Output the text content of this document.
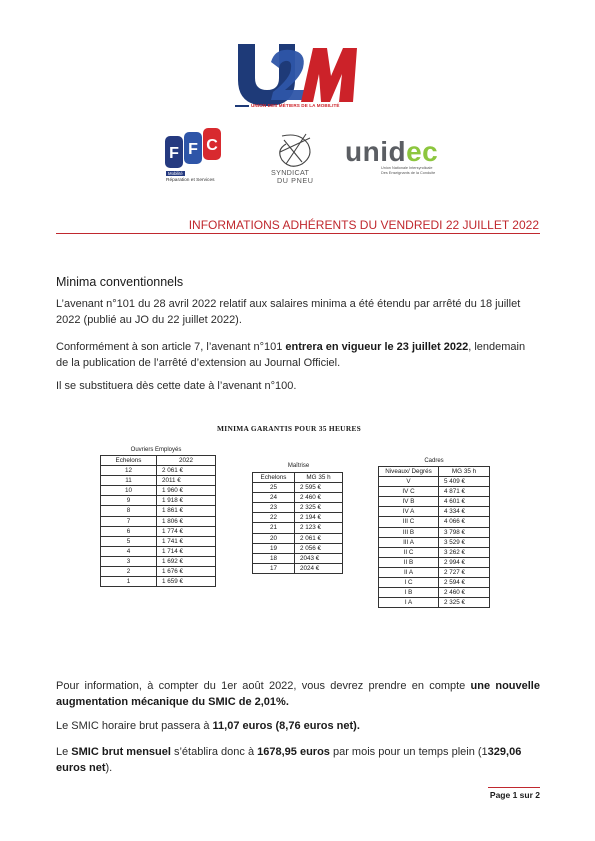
UNION DES MÉTIERS DE LA MOBILITÉ
F F C
Mobilité
Réparation et Services
SYNDICAT
DU PNEU
unidec
Union Nationale Intersyndicale
Des Enseignants de la Conduite
INFORMATIONS ADHÉRENTS DU VENDREDI 22 JUILLET 2022
Minima conventionnels
L’avenant n°101 du 28 avril 2022 relatif aux salaires minima a été étendu par arrêté du 18 juillet 2022 (publié au JO du 22 juillet 2022).
Conformément à son article 7, l’avenant n°101 entrera en vigueur le 23 juillet 2022, lendemain de la publication de l’arrêté d’extension au Journal Officiel.
Il se substituera dès cette date à l’avenant n°100.
MINIMA GARANTIS POUR 35 HEURES
Ouvriers Employés
Echelons	2022
12	2 061 €
11	2011 €
10	1 960 €
9	1 918 €
8	1 861 €
7	1 806 €
6	1 774 €
5	1 741 €
4	1 714 €
3	1 692 €
2	1 676 €
1	1 659 €
Maîtrise
Echelons	MG 35 h
25	2 595 €
24	2 460 €
23	2 325 €
22	2 194 €
21	2 123 €
20	2 061 €
19	2 056 €
18	2043 €
17	2024 €
Cadres
Niveaux/ Degrés	MG 35 h
V	5 409 €
IV C	4 871 €
IV B	4 601 €
IV A	4 334 €
III C	4 066 €
III B	3 798 €
III A	3 529 €
II C	3 262 €
II B	2 994 €
II A	2 727 €
I C	2 594 €
I B	2 460 €
I A	2 325 €
Pour information, à compter du 1er août 2022, vous devrez prendre en compte une nouvelle augmentation mécanique du SMIC de 2,01%.
Le SMIC horaire brut passera à 11,07 euros (8,76 euros net).
Le SMIC brut mensuel s’établira donc à 1678,95 euros par mois pour un temps plein (1329,06 euros net).
Page 1 sur 2
